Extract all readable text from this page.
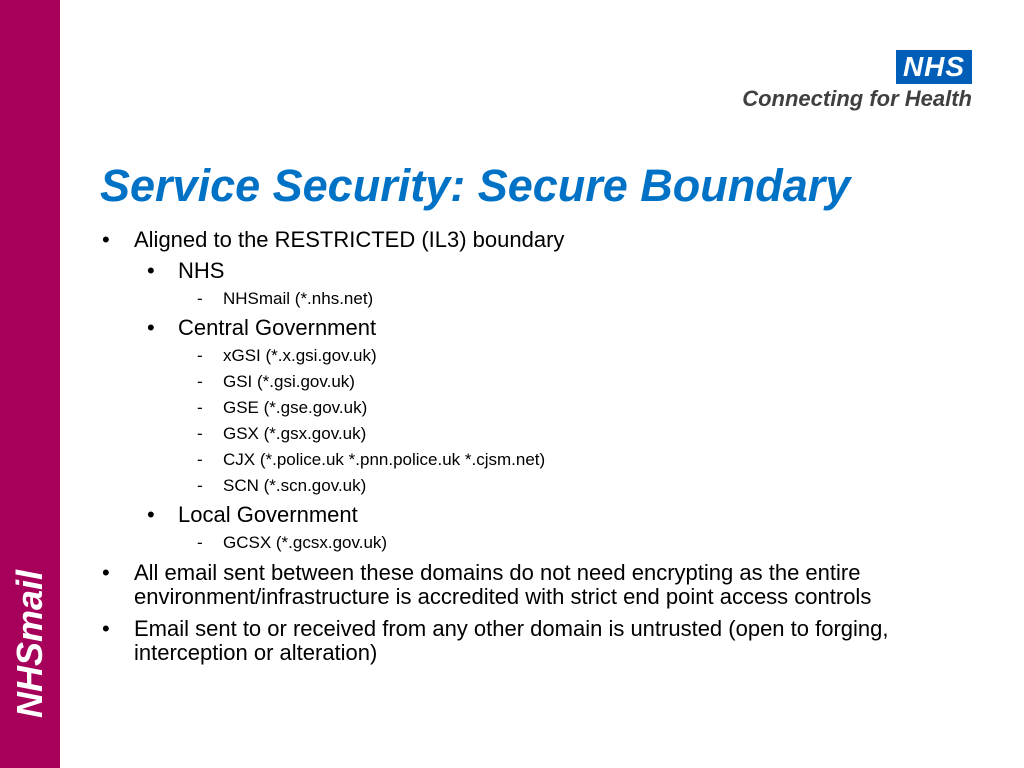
NHSmail
NHS
Connecting for Health
Service Security: Secure Boundary
• Aligned to the RESTRICTED (IL3) boundary
• NHS
- NHSmail (*.nhs.net)
• Central Government
- xGSI (*.x.gsi.gov.uk)
- GSI (*.gsi.gov.uk)
- GSE (*.gse.gov.uk)
- GSX (*.gsx.gov.uk)
- CJX (*.police.uk *.pnn.police.uk *.cjsm.net)
- SCN (*.scn.gov.uk)
• Local Government
- GCSX (*.gcsx.gov.uk)
• All email sent between these domains do not need encrypting as the entire environment/infrastructure is accredited with strict end point access controls
• Email sent to or received from any other domain is untrusted (open to forging, interception or alteration)
